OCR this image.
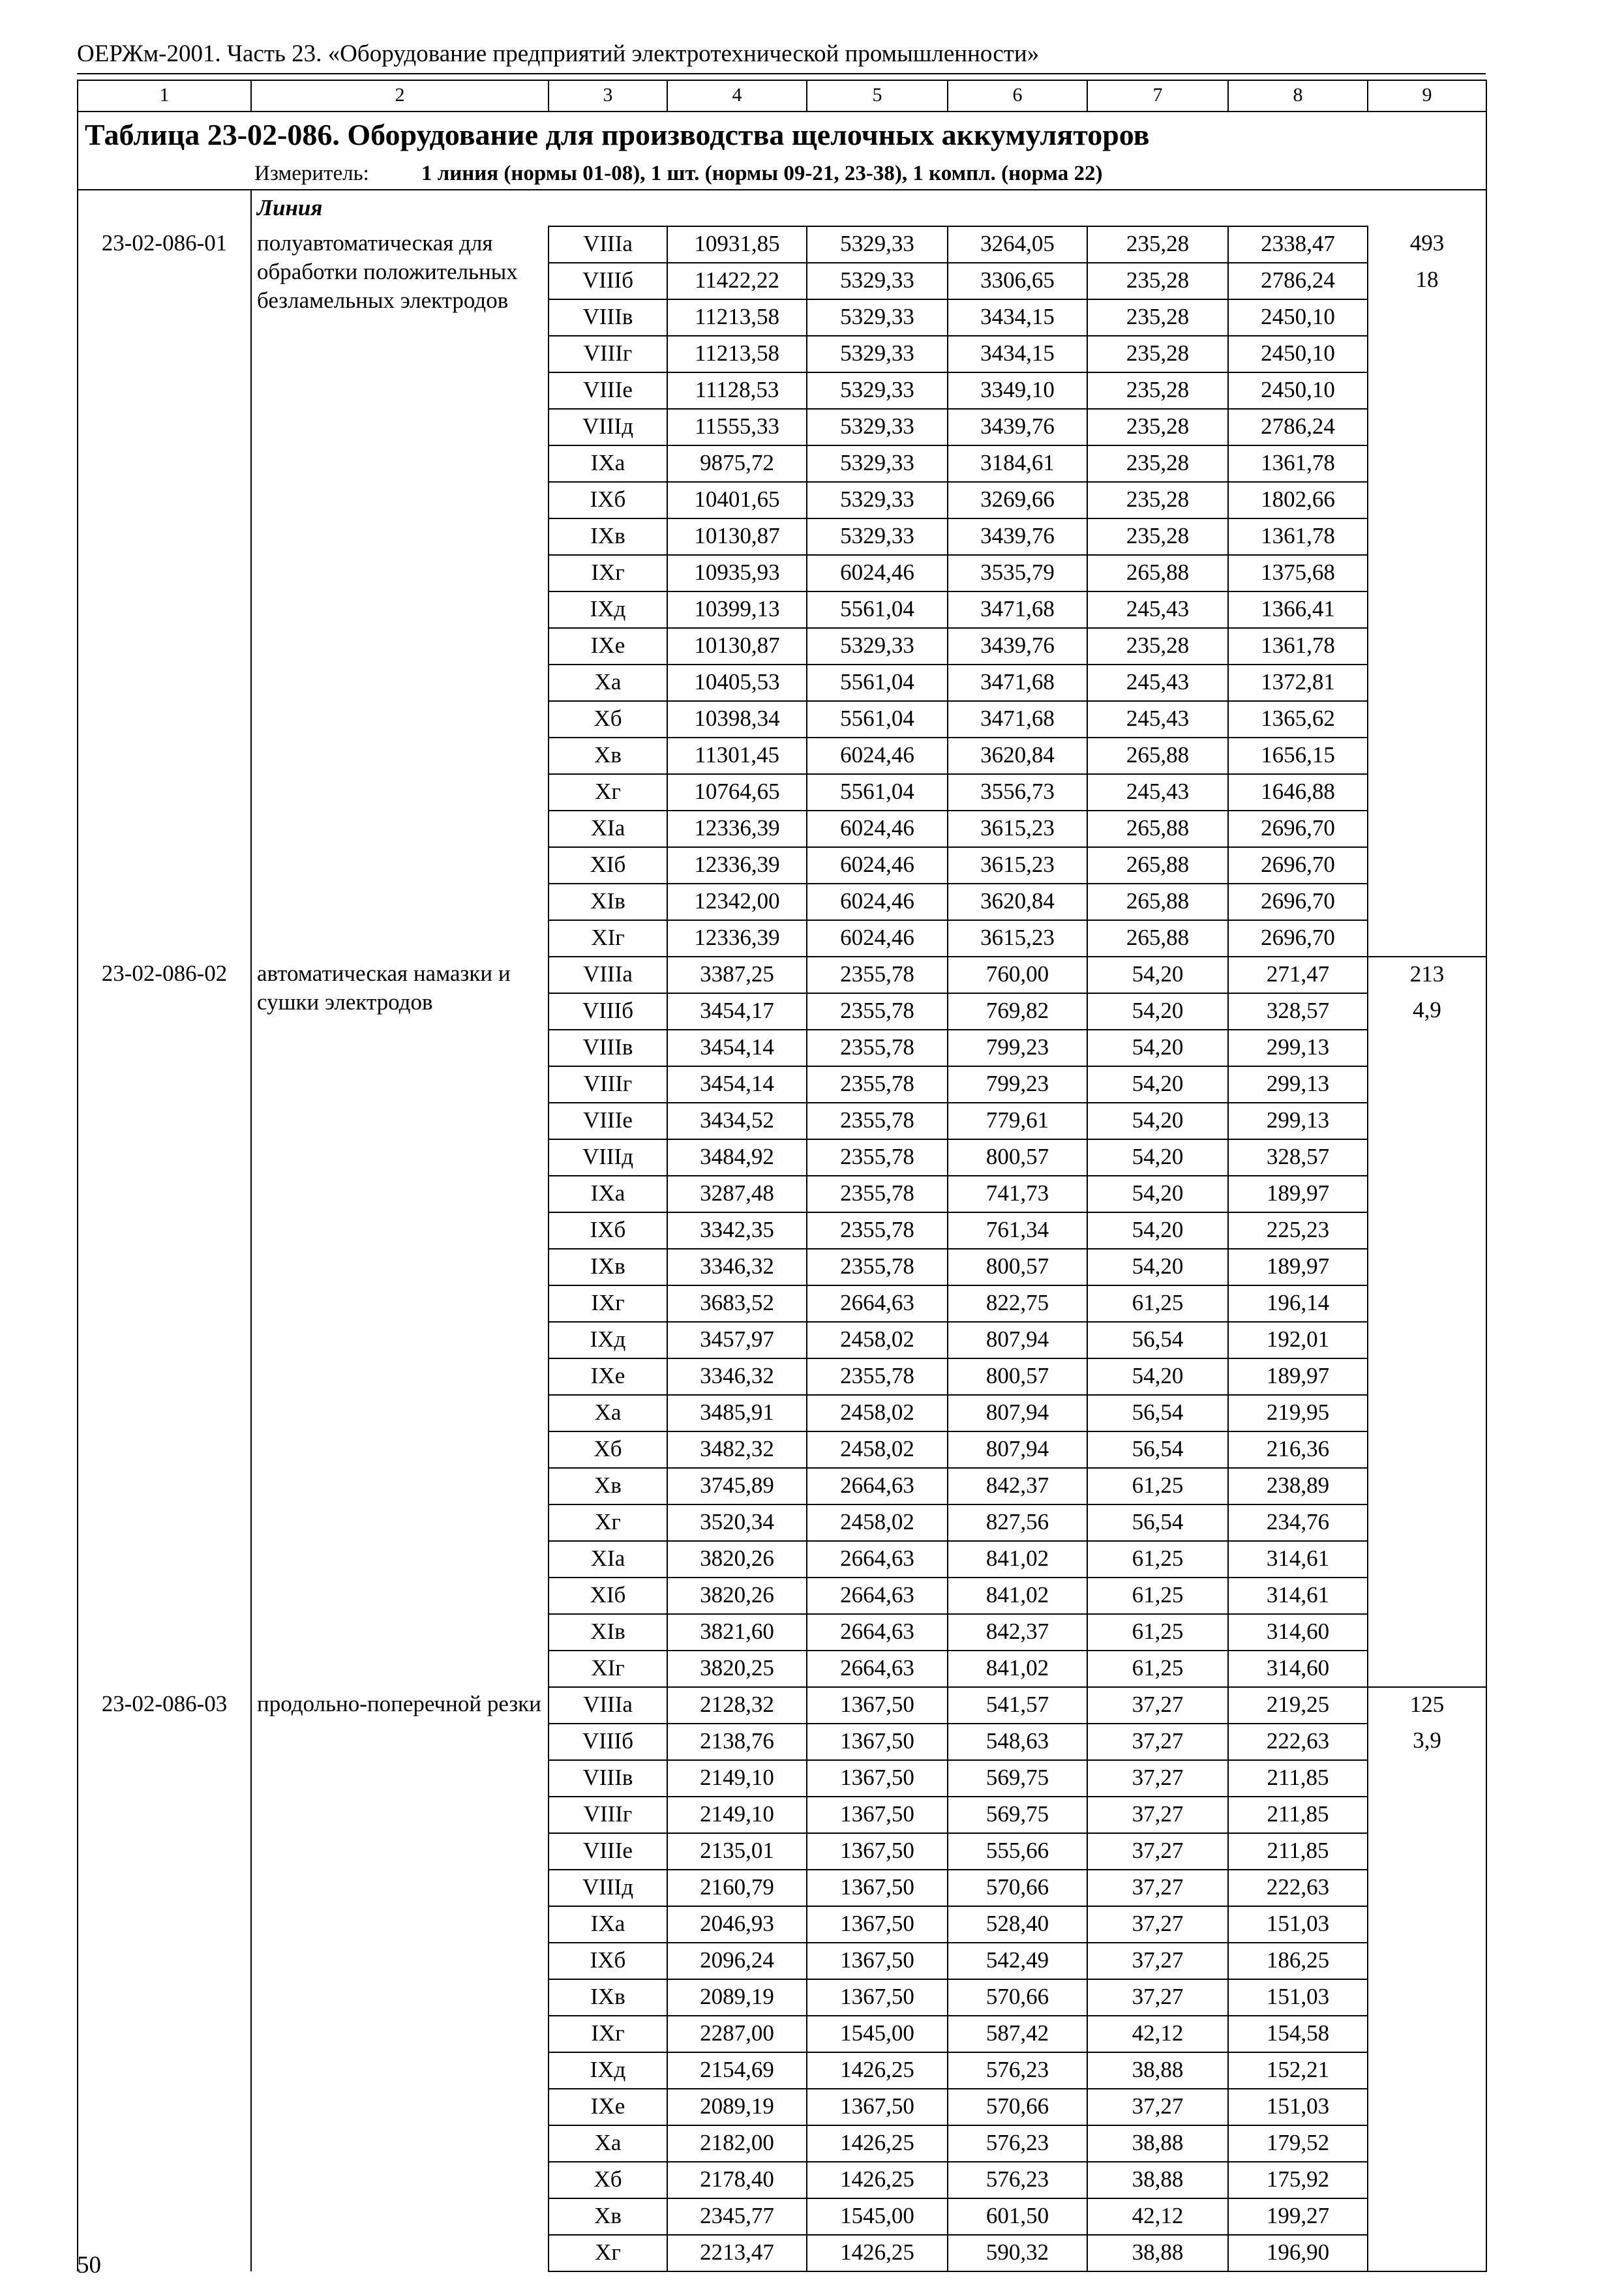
ОЕРЖм-2001. Часть 23. «Оборудование предприятий электротехнической промышленности»
1	2	3	4	5	6	7	8	9
Таблица 23-02-086. Оборудование для производства щелочных аккумуляторов								
Измеритель: 1 линия (нормы 01-08), 1 шт. (нормы 09-21, 23-38), 1 компл. (норма 22)								
	Линия							
23-02-086-01	полуавтоматическая для обработки положительных безламельных электродов	VIIIa	10931,85	5329,33	3264,05	235,28	2338,47	493
		VIIIб	11422,22	5329,33	3306,65	235,28	2786,24	18
		VIIIв	11213,58	5329,33	3434,15	235,28	2450,10	
		VIIIг	11213,58	5329,33	3434,15	235,28	2450,10	
		VIIIe	11128,53	5329,33	3349,10	235,28	2450,10	
		VIIIд	11555,33	5329,33	3439,76	235,28	2786,24	
		IXa	9875,72	5329,33	3184,61	235,28	1361,78	
		IXб	10401,65	5329,33	3269,66	235,28	1802,66	
		IXв	10130,87	5329,33	3439,76	235,28	1361,78	
		IXг	10935,93	6024,46	3535,79	265,88	1375,68	
		IXд	10399,13	5561,04	3471,68	245,43	1366,41	
		IXe	10130,87	5329,33	3439,76	235,28	1361,78	
		Xa	10405,53	5561,04	3471,68	245,43	1372,81	
		Xб	10398,34	5561,04	3471,68	245,43	1365,62	
		Xв	11301,45	6024,46	3620,84	265,88	1656,15	
		Xг	10764,65	5561,04	3556,73	245,43	1646,88	
		XIa	12336,39	6024,46	3615,23	265,88	2696,70	
		XIб	12336,39	6024,46	3615,23	265,88	2696,70	
		XIв	12342,00	6024,46	3620,84	265,88	2696,70	
		XIг	12336,39	6024,46	3615,23	265,88	2696,70	
23-02-086-02	автоматическая намазки и сушки электродов	VIIIa	3387,25	2355,78	760,00	54,20	271,47	213
		VIIIб	3454,17	2355,78	769,82	54,20	328,57	4,9
		VIIIв	3454,14	2355,78	799,23	54,20	299,13	
		VIIIг	3454,14	2355,78	799,23	54,20	299,13	
		VIIIe	3434,52	2355,78	779,61	54,20	299,13	
		VIIIд	3484,92	2355,78	800,57	54,20	328,57	
		IXa	3287,48	2355,78	741,73	54,20	189,97	
		IXб	3342,35	2355,78	761,34	54,20	225,23	
		IXв	3346,32	2355,78	800,57	54,20	189,97	
		IXг	3683,52	2664,63	822,75	61,25	196,14	
		IXд	3457,97	2458,02	807,94	56,54	192,01	
		IXe	3346,32	2355,78	800,57	54,20	189,97	
		Xa	3485,91	2458,02	807,94	56,54	219,95	
		Xб	3482,32	2458,02	807,94	56,54	216,36	
		Xв	3745,89	2664,63	842,37	61,25	238,89	
		Xг	3520,34	2458,02	827,56	56,54	234,76	
		XIa	3820,26	2664,63	841,02	61,25	314,61	
		XIб	3820,26	2664,63	841,02	61,25	314,61	
		XIв	3821,60	2664,63	842,37	61,25	314,60	
		XIг	3820,25	2664,63	841,02	61,25	314,60	
23-02-086-03	продольно-поперечной резки	VIIIa	2128,32	1367,50	541,57	37,27	219,25	125
		VIIIб	2138,76	1367,50	548,63	37,27	222,63	3,9
		VIIIв	2149,10	1367,50	569,75	37,27	211,85	
		VIIIг	2149,10	1367,50	569,75	37,27	211,85	
		VIIIe	2135,01	1367,50	555,66	37,27	211,85	
		VIIIд	2160,79	1367,50	570,66	37,27	222,63	
		IXa	2046,93	1367,50	528,40	37,27	151,03	
		IXб	2096,24	1367,50	542,49	37,27	186,25	
		IXв	2089,19	1367,50	570,66	37,27	151,03	
		IXг	2287,00	1545,00	587,42	42,12	154,58	
		IXд	2154,69	1426,25	576,23	38,88	152,21	
		IXe	2089,19	1367,50	570,66	37,27	151,03	
		Xa	2182,00	1426,25	576,23	38,88	179,52	
		Xб	2178,40	1426,25	576,23	38,88	175,92	
		Xв	2345,77	1545,00	601,50	42,12	199,27	
		Xг	2213,47	1426,25	590,32	38,88	196,90	
50
